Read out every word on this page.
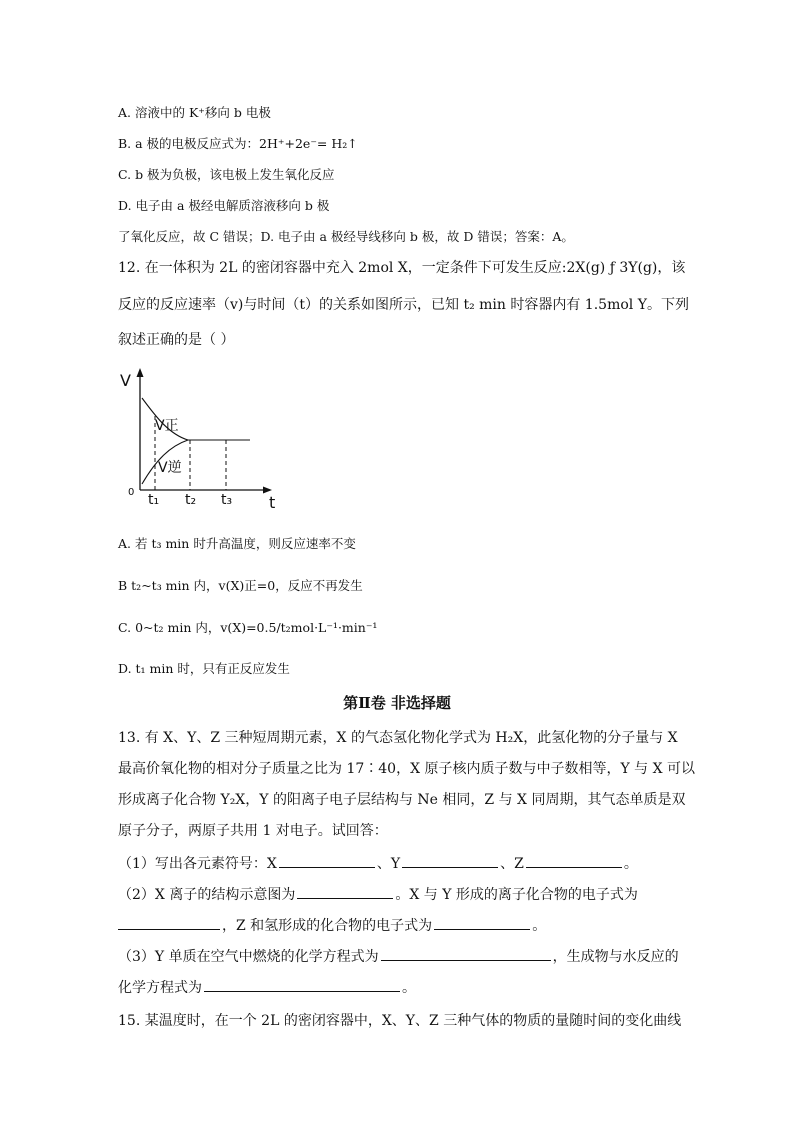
A. 溶液中的 K⁺移向 b 电极
B. a 极的电极反应式为：2H⁺+2e⁻= H₂↑
C. b 极为负极，该电极上发生氧化反应
D. 电子由 a 极经电解质溶液移向 b 极
了氧化反应，故 C 错误；D. 电子由 a 极经导线移向 b 极，故 D 错误；答案：A。
12. 在一体积为 2L 的密闭容器中充入 2mol X，一定条件下可发生反应:2X(g) ƒ 3Y(g)，该
反应的反应速率（v)与时间（t）的关系如图所示，已知 t₂ min 时容器内有 1.5mol Y。下列
叙述正确的是（ ）
V
t
0
V正
V逆
t₁ t₂ t₃
A. 若 t₃ min 时升高温度，则反应速率不变
B t₂~t₃ min 内，v(X)正=0，反应不再发生
C. 0~t₂ min 内，v(X)=0.5/t₂mol·L⁻¹·min⁻¹
D. t₁ min 时，只有正反应发生
第Ⅱ卷 非选择题
13. 有 X、Y、Z 三种短周期元素，X 的气态氢化物化学式为 H₂X，此氢化物的分子量与 X
最高价氧化物的相对分子质量之比为 17∶40，X 原子核内质子数与中子数相等，Y 与 X 可以
形成离子化合物 Y₂X，Y 的阳离子电子层结构与 Ne 相同，Z 与 X 同周期，其气态单质是双
原子分子，两原子共用 1 对电子。试回答：
（1）写出各元素符号：X	、Y	、Z	。
（2）X 离子的结构示意图为	。X 与 Y 形成的离子化合物的电子式为
，Z 和氢形成的化合物的电子式为	。
（3）Y 单质在空气中燃烧的化学方程式为	，生成物与水反应的
化学方程式为	。
15. 某温度时，在一个 2L 的密闭容器中，X、Y、Z 三种气体的物质的量随时间的变化曲线
